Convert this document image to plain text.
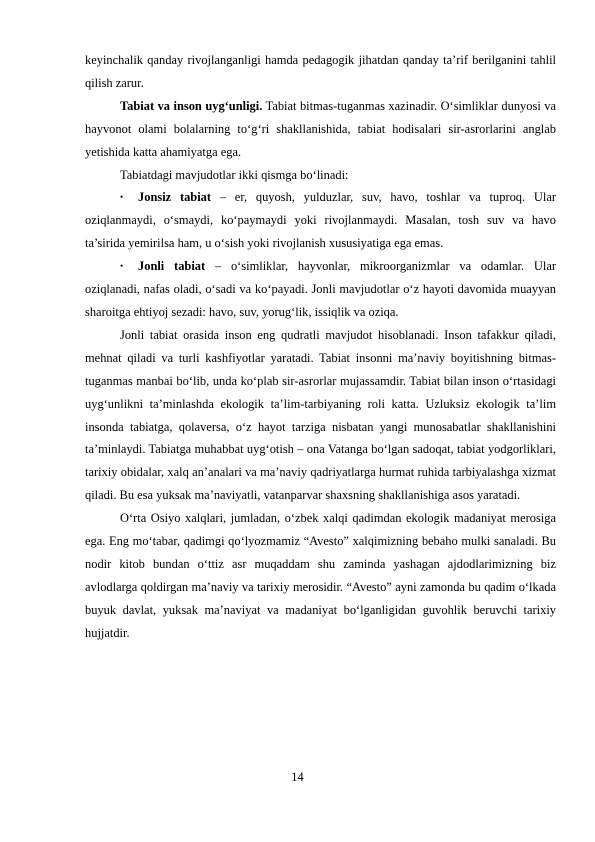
keyinchalik qanday rivojlanganligi hamda pedagogik jihatdan qanday ta’rif berilganini tahlil qilish zarur.

Tabiat va inson uyg‘unligi. Tabiat bitmas-tuganmas xazinadir. O‘simliklar dunyosi va hayvonot olami bolalarning to‘g‘ri shakllanishida, tabiat hodisalari sir-asrorlarini anglab yetishida katta ahamiyatga ega.

Tabiatdagi mavjudotlar ikki qismga bo‘linadi:

• Jonsiz tabiat – er, quyosh, yulduzlar, suv, havo, toshlar va tuproq. Ular oziqlanmaydi, o‘smaydi, ko‘paymaydi yoki rivojlanmaydi. Masalan, tosh suv va havo ta’sirida yemirilsa ham, u o‘sish yoki rivojlanish xususiyatiga ega emas.
• Jonli tabiat – o‘simliklar, hayvonlar, mikroorganizmlar va odamlar. Ular oziqlanadi, nafas oladi, o‘sadi va ko‘payadi. Jonli mavjudotlar o‘z hayoti davomida muayyan sharoitga ehtiyoj sezadi: havo, suv, yorug‘lik, issiqlik va oziqa.

Jonli tabiat orasida inson eng qudratli mavjudot hisoblanadi. Inson tafakkur qiladi, mehnat qiladi va turli kashfiyotlar yaratadi. Tabiat insonni ma’naviy boyitishning bitmas-tuganmas manbai bo‘lib, unda ko‘plab sir-asrorlar mujassamdir. Tabiat bilan inson o‘rtasidagi uyg‘unlikni ta’minlashda ekologik ta’lim-tarbiyaning roli katta. Uzluksiz ekologik ta’lim insonda tabiatga, qolaversa, o‘z hayot tarziga nisbatan yangi munosabatlar shakllanishini ta’minlaydi. Tabiatga muhabbat uyg‘otish – ona Vatanga bo‘lgan sadoqat, tabiat yodgorliklari, tarixiy obidalar, xalq an’analari va ma’naviy qadriyatlarga hurmat ruhida tarbiyalashga xizmat qiladi. Bu esa yuksak ma’naviyatli, vatanparvar shaxsning shakllanishiga asos yaratadi.

O‘rta Osiyo xalqlari, jumladan, o‘zbek xalqi qadimdan ekologik madaniyat merosiga ega. Eng mo‘tabar, qadimgi qo‘lyozmamiz “Avesto” xalqimizning bebaho mulki sanaladi. Bu nodir kitob bundan o‘ttiz asr muqaddam shu zaminda yashagan ajdodlarimizning biz avlodlarga qoldirgan ma’naviy va tarixiy merosidir. “Avesto” ayni zamonda bu qadim o‘lkada buyuk davlat, yuksak ma’naviyat va madaniyat bo‘lganligidan guvohlik beruvchi tarixiy hujjatdir.

14
